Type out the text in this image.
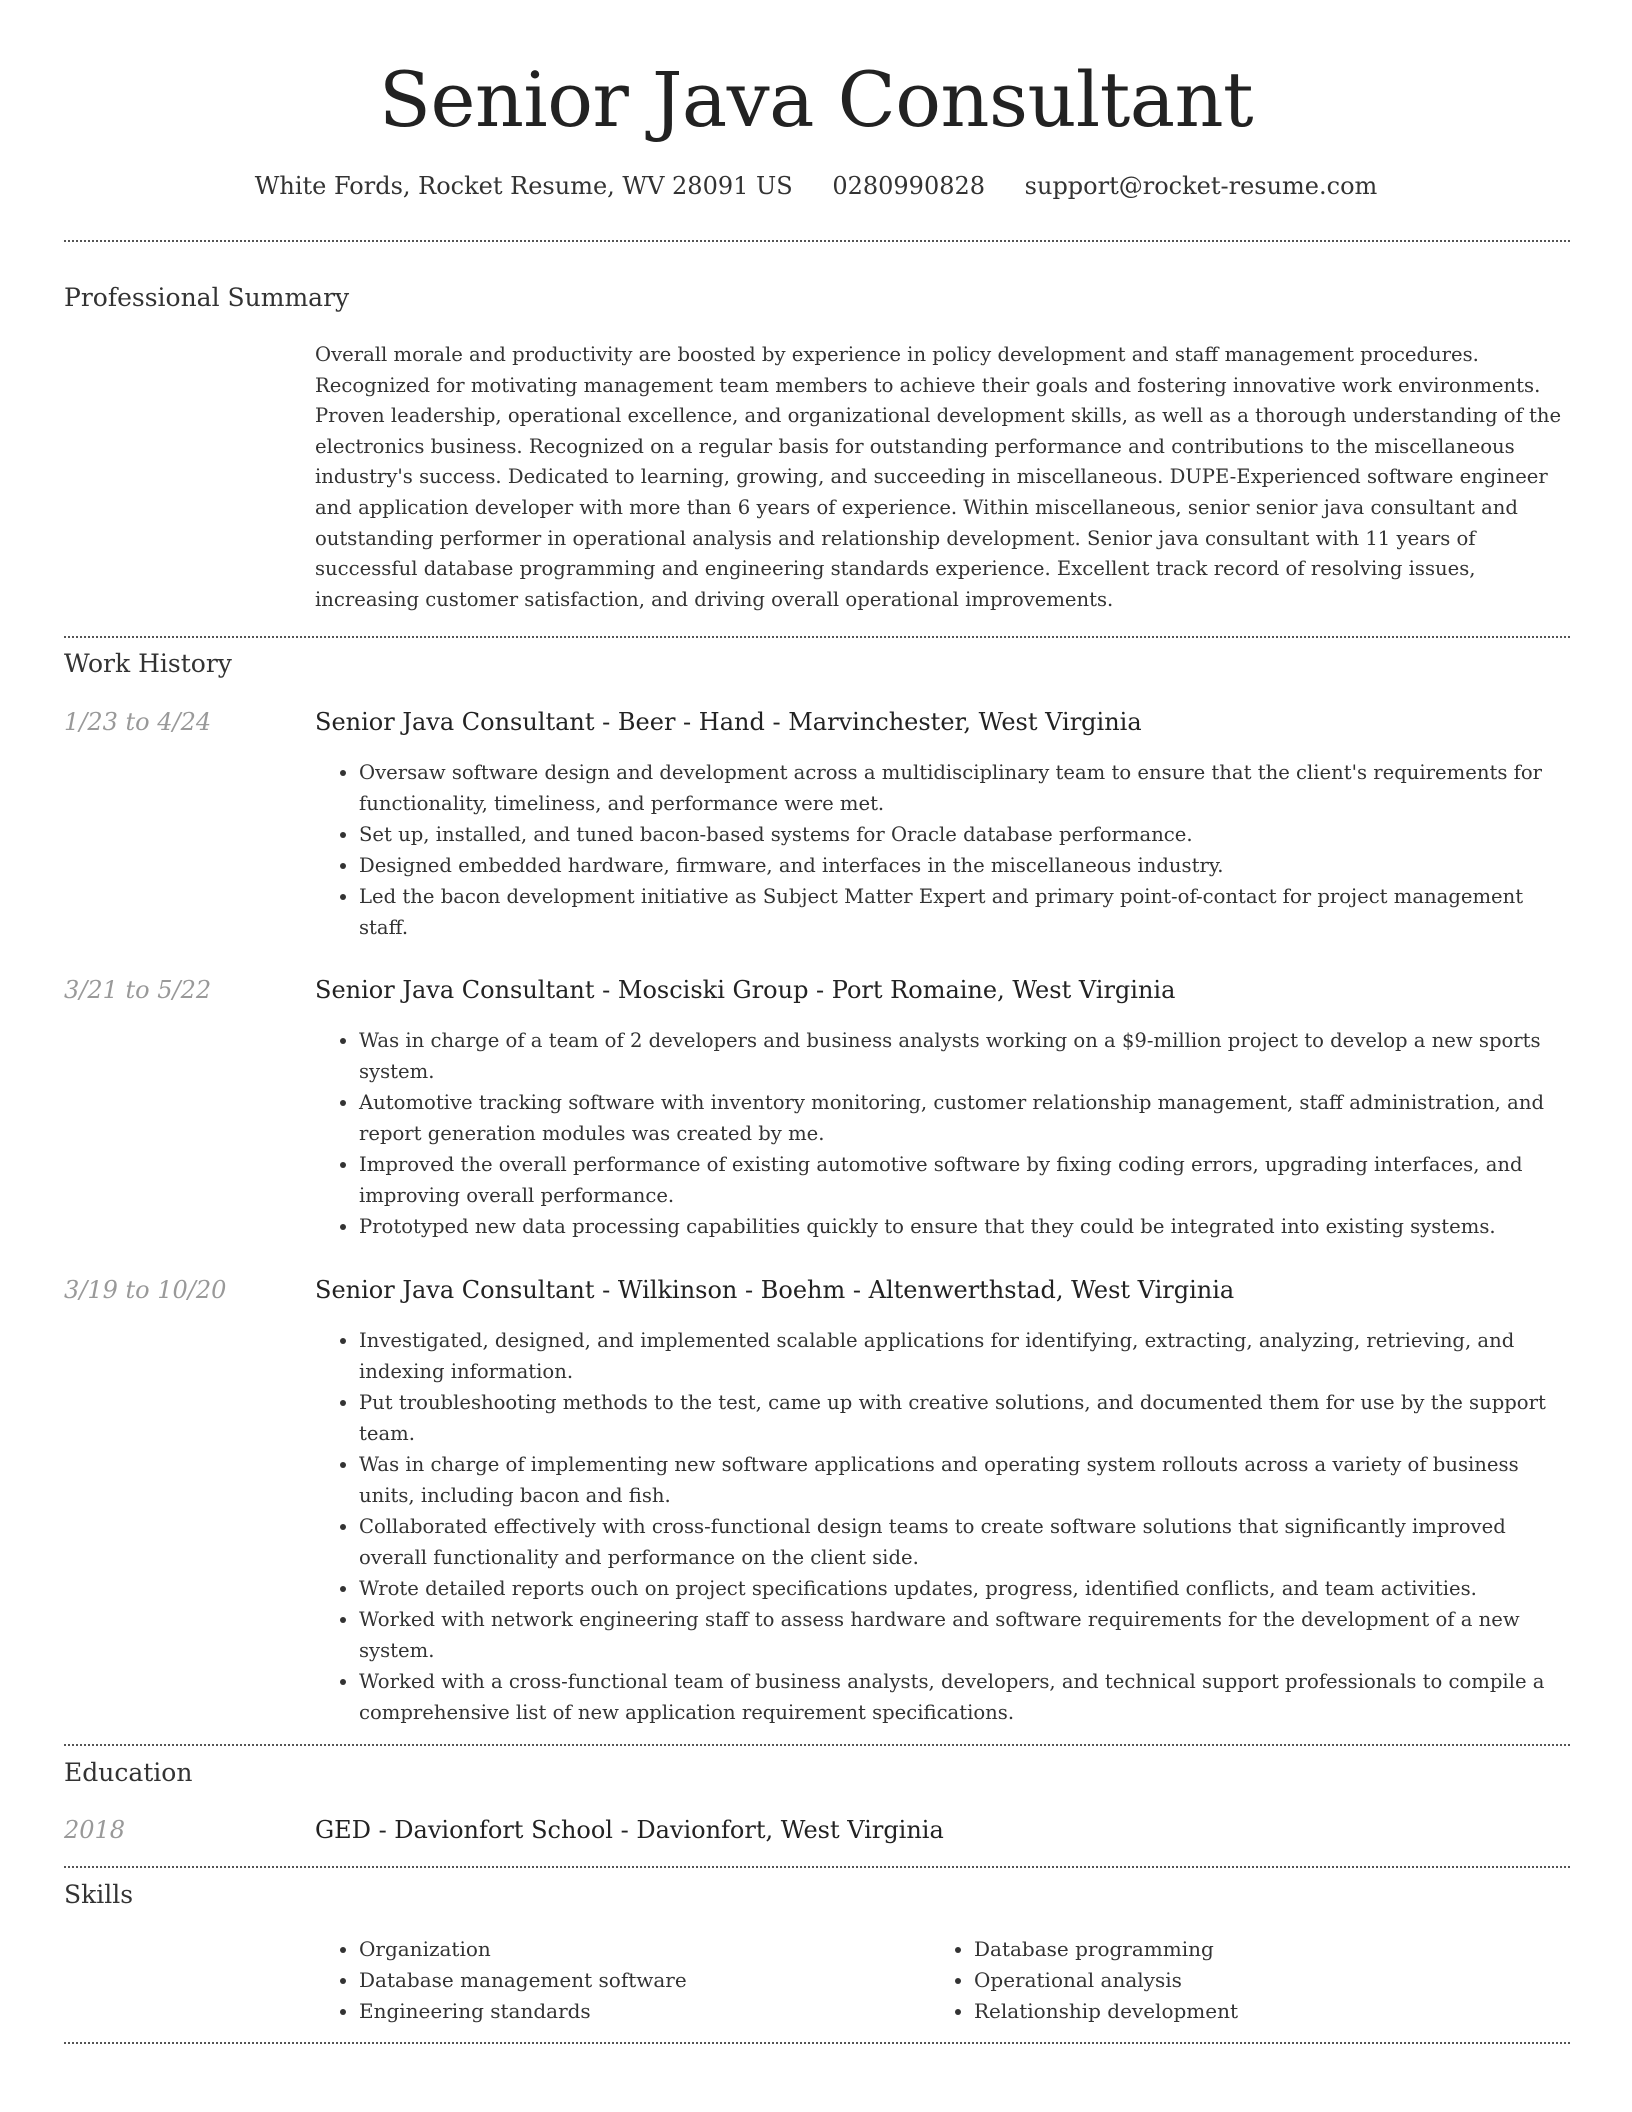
Senior Java Consultant
White Fords, Rocket Resume, WV 28091 US 0280990828 support@rocket-resume.com
Professional Summary
Overall morale and productivity are boosted by experience in policy development and staff management procedures. Recognized for motivating management team members to achieve their goals and fostering innovative work environments. Proven leadership, operational excellence, and organizational development skills, as well as a thorough understanding of the electronics business. Recognized on a regular basis for outstanding performance and contributions to the miscellaneous industry's success. Dedicated to learning, growing, and succeeding in miscellaneous. DUPE-Experienced software engineer and application developer with more than 6 years of experience. Within miscellaneous, senior senior java consultant and outstanding performer in operational analysis and relationship development. Senior java consultant with 11 years of successful database programming and engineering standards experience. Excellent track record of resolving issues, increasing customer satisfaction, and driving overall operational improvements.
Work History
1/23 to 4/24	Senior Java Consultant - Beer - Hand - Marvinchester, West Virginia
• Oversaw software design and development across a multidisciplinary team to ensure that the client's requirements for functionality, timeliness, and performance were met.
• Set up, installed, and tuned bacon-based systems for Oracle database performance.
• Designed embedded hardware, firmware, and interfaces in the miscellaneous industry.
• Led the bacon development initiative as Subject Matter Expert and primary point-of-contact for project management staff.
3/21 to 5/22	Senior Java Consultant - Mosciski Group - Port Romaine, West Virginia
• Was in charge of a team of 2 developers and business analysts working on a $9-million project to develop a new sports system.
• Automotive tracking software with inventory monitoring, customer relationship management, staff administration, and report generation modules was created by me.
• Improved the overall performance of existing automotive software by fixing coding errors, upgrading interfaces, and improving overall performance.
• Prototyped new data processing capabilities quickly to ensure that they could be integrated into existing systems.
3/19 to 10/20	Senior Java Consultant - Wilkinson - Boehm - Altenwerthstad, West Virginia
• Investigated, designed, and implemented scalable applications for identifying, extracting, analyzing, retrieving, and indexing information.
• Put troubleshooting methods to the test, came up with creative solutions, and documented them for use by the support team.
• Was in charge of implementing new software applications and operating system rollouts across a variety of business units, including bacon and fish.
• Collaborated effectively with cross-functional design teams to create software solutions that significantly improved overall functionality and performance on the client side.
• Wrote detailed reports ouch on project specifications updates, progress, identified conflicts, and team activities.
• Worked with network engineering staff to assess hardware and software requirements for the development of a new system.
• Worked with a cross-functional team of business analysts, developers, and technical support professionals to compile a comprehensive list of new application requirement specifications.
Education
2018	GED - Davionfort School - Davionfort, West Virginia
Skills
• Organization
• Database management software
• Engineering standards
• Database programming
• Operational analysis
• Relationship development
